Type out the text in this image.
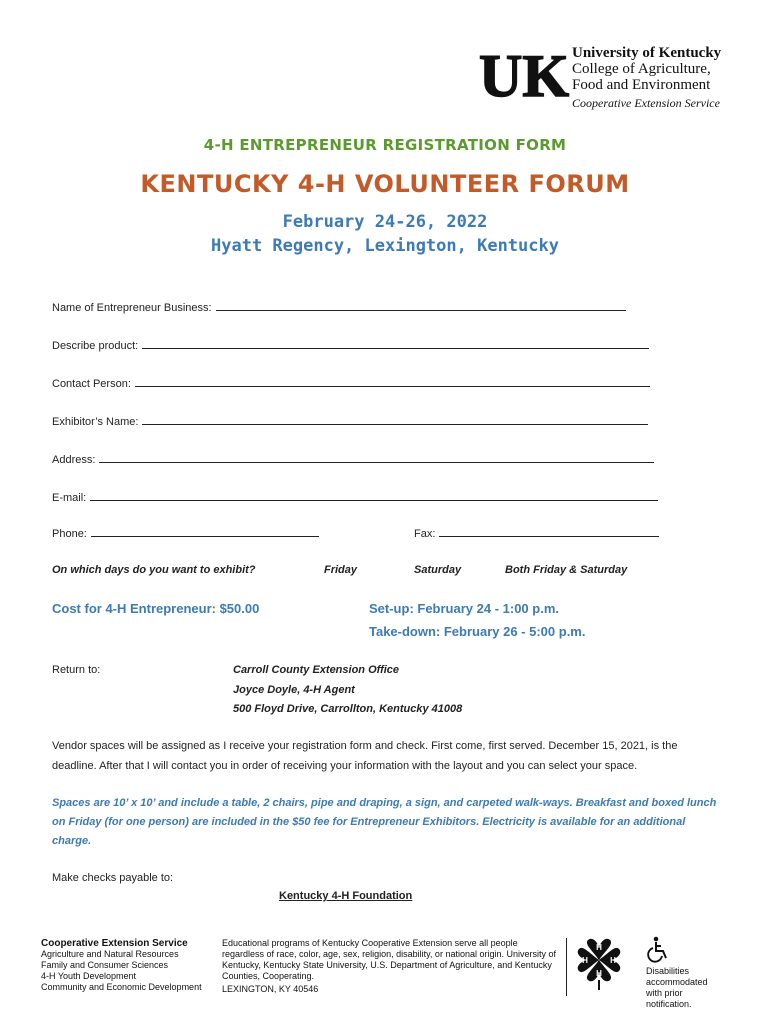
UK University of Kentucky
College of Agriculture,
Food and Environment
Cooperative Extension Service
4-H ENTREPRENEUR REGISTRATION FORM
KENTUCKY 4-H VOLUNTEER FORUM
February 24-26, 2022
Hyatt Regency, Lexington, Kentucky
Name of Entrepreneur Business:
Describe product:
Contact Person:
Exhibitor’s Name:
Address:
E-mail:
Phone:	Fax:
On which days do you want to exhibit?	Friday	Saturday	Both Friday & Saturday
Cost for 4-H Entrepreneur: $50.00	Set-up: February 24 - 1:00 p.m.
Take-down: February 26 - 5:00 p.m.
Return to:	Carroll County Extension Office
Joyce Doyle, 4-H Agent
500 Floyd Drive, Carrollton, Kentucky 41008
Vendor spaces will be assigned as I receive your registration form and check. First come, first served. December 15, 2021, is the deadline. After that I will contact you in order of receiving your information with the layout and you can select your space.
Spaces are 10’ x 10’ and include a table, 2 chairs, pipe and draping, a sign, and carpeted walk-ways. Breakfast and boxed lunch on Friday (for one person) are included in the $50 fee for Entrepreneur Exhibitors. Electricity is available for an additional charge.
Make checks payable to:
Kentucky 4-H Foundation
Cooperative Extension Service
Agriculture and Natural Resources
Family and Consumer Sciences
4-H Youth Development
Community and Economic Development
Educational programs of Kentucky Cooperative Extension serve all people regardless of race, color, age, sex, religion, disability, or national origin. University of Kentucky, Kentucky State University, U.S. Department of Agriculture, and Kentucky Counties, Cooperating.
LEXINGTON, KY 40546
H
H
H	H
Disabilities accommodated with prior notification.
